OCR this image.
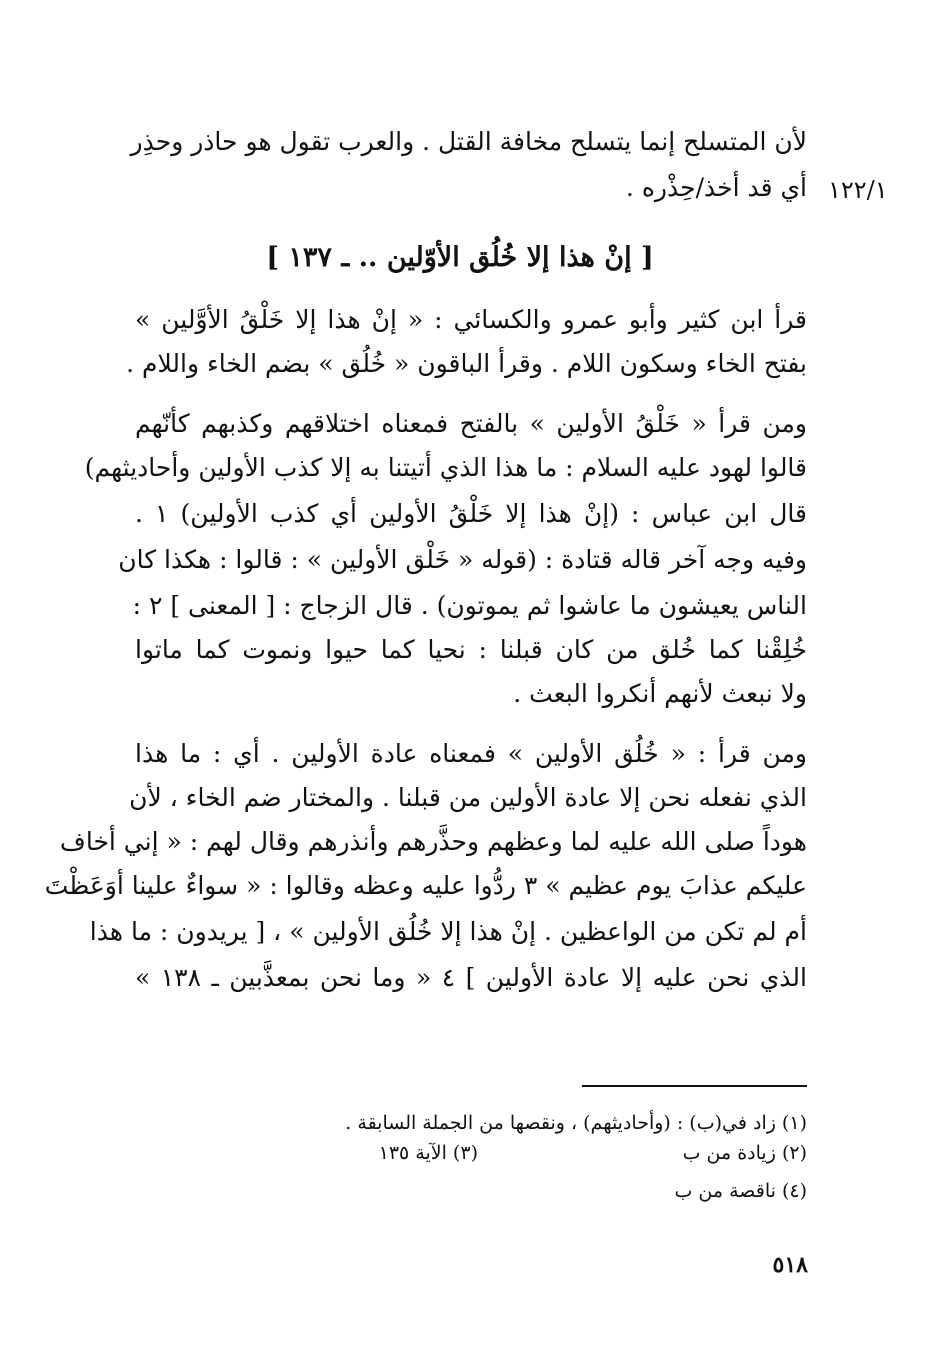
لأن المتسلح إنما يتسلح مخافة القتل . والعرب تقول هو حاذر وحذِر
أي قد أخذ/حِذْره . ١٢٢/١
[ إنْ هذا إلا خُلُق الأوّلين .. ـ ١٣٧ ]
قرأ ابن كثير وأبو عمرو والكسائي : « إنْ هذا إلا خَلْقُ الأوَّلين »
بفتح الخاء وسكون اللام . وقرأ الباقون « خُلُق » بضم الخاء واللام .
ومن قرأ « خَلْقُ الأولين » بالفتح فمعناه اختلاقهم وكذبهم كأنّهم
قالوا لهود عليه السلام : ما هذا الذي أتيتنا به إلا كذب الأولين وأحاديثهم)
قال ابن عباس : (إنْ هذا إلا خَلْقُ الأولين أي كذب الأولين) ١ .
وفيه وجه آخر قاله قتادة : (قوله « خَلْق الأولين » : قالوا : هكذا كان
الناس يعيشون ما عاشوا ثم يموتون) . قال الزجاج : [ المعنى ] ٢ :
خُلِقْنا كما خُلق من كان قبلنا : نحيا كما حيوا ونموت كما ماتوا
ولا نبعث لأنهم أنكروا البعث .
ومن قرأ : « خُلُق الأولين » فمعناه عادة الأولين . أي : ما هذا
الذي نفعله نحن إلا عادة الأولين من قبلنا . والمختار ضم الخاء ، لأن
هوداً صلى الله عليه لما وعظهم وحذَّرهم وأنذرهم وقال لهم : « إني أخاف
عليكم عذابَ يوم عظيم » ٣ ردُّوا عليه وعظه وقالوا : « سواءٌ علينا أوَعَظْتَ
أم لم تكن من الواعظين . إنْ هذا إلا خُلُق الأولين » ، [ يريدون : ما هذا
الذي نحن عليه إلا عادة الأولين ] ٤ « وما نحن بمعذَّبين ـ ١٣٨ »
(١) زاد في(ب) : (وأحاديثهم) ، ونقصها من الجملة السابقة .
(٢) زيادة من ب
(٣) الآية ١٣٥
(٤) ناقصة من ب
٥١٨
